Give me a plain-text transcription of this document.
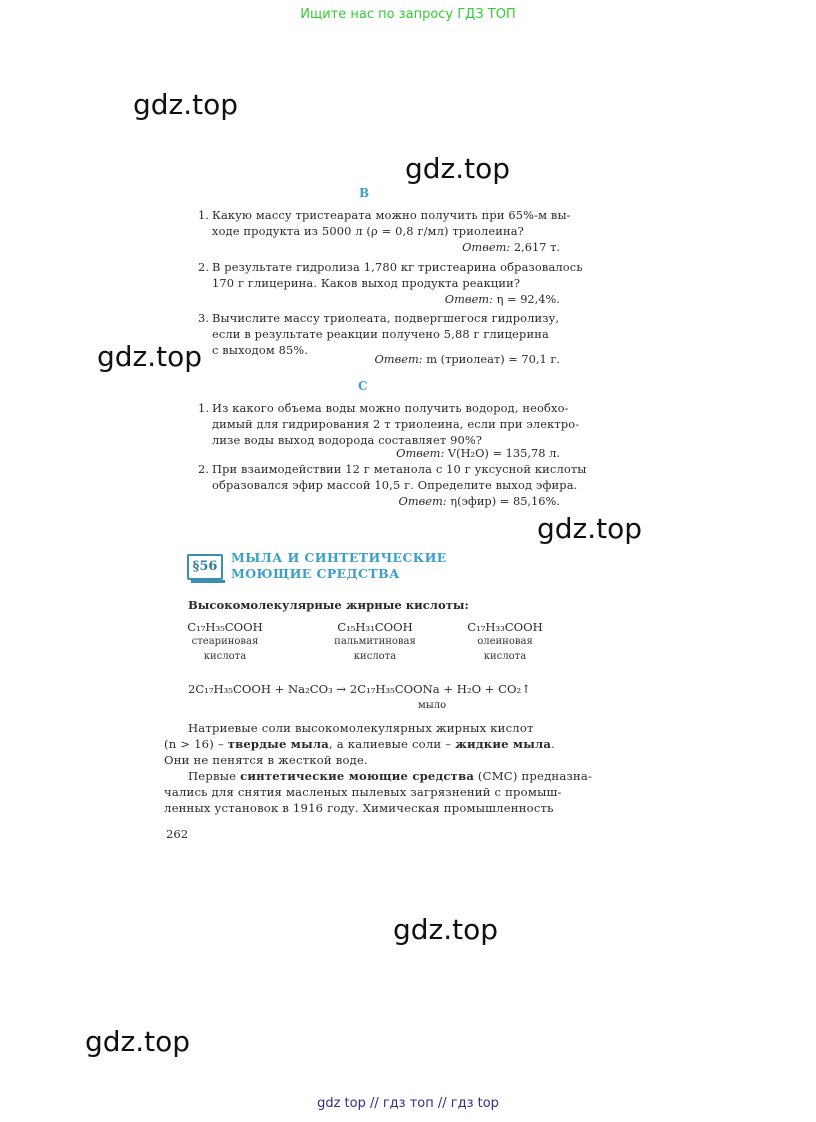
Ищите нас по запросу ГДЗ ТОП
gdz.top
gdz.top
gdz.top
gdz.top
gdz.top
gdz.top
B
1. Какую массу тристеарата можно получить при 65%-м вы-
ходе продукта из 5000 л (ρ = 0,8 г/мл) триолеина?
Ответ: 2,617 т.
2. В результате гидролиза 1,780 кг тристеарина образовалось
170 г глицерина. Каков выход продукта реакции?
Ответ: η = 92,4%.
3. Вычислите массу триолеата, подвергшегося гидролизу,
если в результате реакции получено 5,88 г глицерина
с выходом 85%.
Ответ: m (триолеат) = 70,1 г.
C
1. Из какого объема воды можно получить водород, необхо-
димый для гидрирования 2 т триолеина, если при электро-
лизе воды выход водорода составляет 90%?
Ответ: V(H₂O) = 135,78 л.
2. При взаимодействии 12 г метанола с 10 г уксусной кислоты
образовался эфир массой 10,5 г. Определите выход эфира.
Ответ: η(эфир) = 85,16%.
§56
МЫЛА И СИНТЕТИЧЕСКИЕ
МОЮЩИЕ СРЕДСТВА
Высокомолекулярные жирные кислоты:
C₁₇H₃₅COOH
стеариновая
кислота
C₁₅H₃₁COOH
пальмитиновая
кислота
C₁₇H₃₃COOH
олеиновая
кислота
2C₁₇H₃₅COOH + Na₂CO₃ → 2C₁₇H₃₅COONa + H₂O + CO₂↑
мыло
Натриевые соли высокомолекулярных жирных кислот
(n > 16) – твердые мыла, а калиевые соли – жидкие мыла.
Они не пенятся в жесткой воде.
Первые синтетические моющие средства (СМС) предназна-
чались для снятия масленых пылевых загрязнений с промыш-
ленных установок в 1916 году. Химическая промышленность
262
gdz top // гдз топ // гдз top
